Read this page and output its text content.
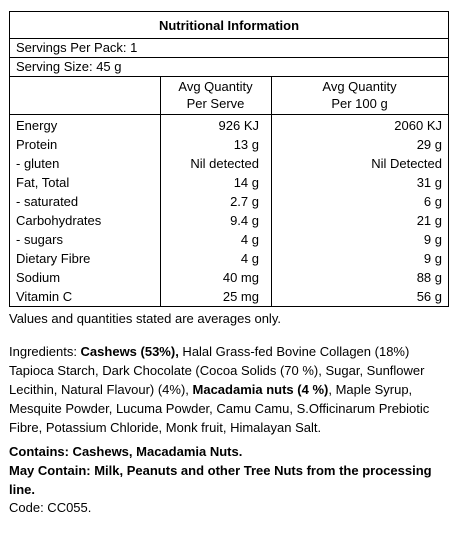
Nutritional Information
Servings Per Pack: 1
Serving Size: 45 g
Avg Quantity
Per Serve
Avg Quantity
Per 100 g
Energy	926 KJ	2060 KJ
Protein	13 g	29 g
- gluten	Nil detected	Nil Detected
Fat, Total	14 g	31 g
- saturated	2.7 g	6 g
Carbohydrates	9.4 g	21 g
- sugars	4 g	9 g
Dietary Fibre	4 g	9 g
Sodium	40 mg	88 g
Vitamin C	25 mg	56 g
Values and quantities stated are averages only.
Ingredients: Cashews (53%), Halal Grass-fed Bovine Collagen (18%) Tapioca Starch, Dark Chocolate (Cocoa Solids (70 %), Sugar, Sunflower Lecithin, Natural Flavour) (4%), Macadamia nuts (4 %), Maple Syrup, Mesquite Powder, Lucuma Powder, Camu Camu, S.Officinarum Prebiotic Fibre, Potassium Chloride, Monk fruit, Himalayan Salt.
Contains: Cashews, Macadamia Nuts.
May Contain: Milk, Peanuts and other Tree Nuts from the processing line.
Code: CC055.
